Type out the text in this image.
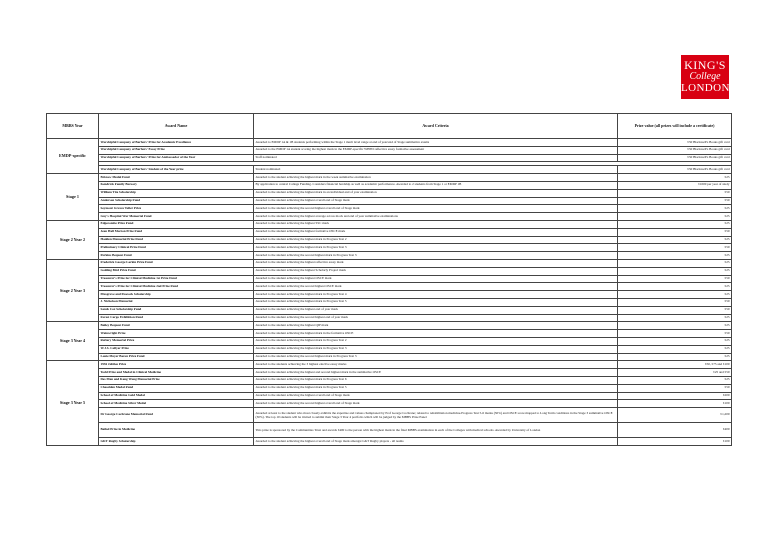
KING'S
College
LONDON
MBBS Year	Award Name	Award Criteria	Prize value (all prizes will include a certificate)
EMDP-specific	Worshipful Company of Barbers' Prize for Academic Excellence	Awarded to EMDP 1A & 1B students performing within the Stage 1 merit level range at end of year/end of Stage summative exams	£50 Blackwell's Books gift card
	Worshipful Company of Barbers' Essay Prize	Awarded to the EMDP 1A student scoring the highest mark in the EMDP-specific WHPD reflective essay formative assessment	£50 Blackwell's Books gift card
	Worshipful Company of Barbers' Prize for Ambassador of the Year	Staff nominated	£50 Blackwell's Books gift card

	Worshipful Company of Barbers' Student of the Year prize	Student nominated	£50 Blackwell's Books gift card
Stage 1	Bristow Medal Fund	Awarded to the student achieving the highest mark in the week summative examination	£25
	Kendrick Family Bursary	By application to central College Funding. Considers financial hardship as well as academic performance. Awarded to 2 students from Stage 1 or EMDP 1B	£1000 per year of study
	William Tite Scholarship	Awarded to the student achieving the highest mark in an individual end of year examination	£50
	Anderson Scholarship Fund	Awarded to the student achieving the highest overall end of Stage mark	£50
	Seymour Graves Toller Prize	Awarded to the student achieving the second highest overall end of Stage mark	£25
	Guy's Hospital War Memorial Fund	Awarded to the student achieving the highest average across mock and end of year summative examinations	£25
Stage 2 Year 2	Edgecombe Prize Fund	Awarded to the student achieving the highest SSC mark	£25
	Jean Hall Morton Prize Fund	Awarded to the student achieving the highest formative OSCE mark	£50
	Hadden Memorial Prize Fund	Awarded to the student achieving the highest mark in Progress Test 2	£25
	Preliminary Clinical Prize Fund	Awarded to the student achieving the highest mark in Progress Test 3	£50
	Perkins Bequest Fund	Awarded to the student achieving the second highest mark in Progress Test 3	£25
Stage 2 Year 3	Frederick George Larkin Prize Fund	Awarded to the student achieving the highest reflective essay mark	£25
	Golding Bird Prize Fund	Awarded to the student achieving the highest Scholarly Project mark	£25
	Treasurer's Prize for Clinical Medicine 1st Prize Fund	Awarded to the student achieving the highest OSCE mark	£50
	Treasurer's Prize for Clinical Medicine 2nd Prize Fund	Awarded to the student achieving the second highest OSCE mark	£25
	Musgrove and Peacock Scholarship	Awarded to the student achieving the highest mark in Progress Test 4	£25
	J. Nicholson Memorial	Awarded to the student achieving the highest mark in Progress Test 5	£50
	Sands Cox Scholarship Fund	Awarded to the student achieving the highest end of year mark	£50
	Forest Cargo Exhibition Fund	Awarded to the student achieving the second highest end of year mark	£25
Stage 3 Year 4	Bailey Bequest Fund	Awarded to the student achieving the highest QIP mark	£25
	Wainwright Prize	Awarded to the student achieving the highest mark in the formative OSCE	£50
	Raftery Memorial Prize	Awarded to the student achieving the highest mark in Progress Test 2	£25
	W.J.S. Collyer Prize	Awarded to the student achieving the highest mark in Progress Test 3	£25
	Louie Meyer Baron Prize Fund	Awarded to the student achieving the second highest mark in Progress Test 3	£25
Stage 3 Year 5	1936 Jubilee Prize	Awarded to the students achieving the 3 highest elective essay marks	£50, £75 and £100
	Todd Prize and Medal in Clinical Medicine	Awarded to the student achieving the highest and second highest mark in the summative OSCE	£25 and £50
	Des Man and Kang Wong Memorial Prize	Awarded to the student achieving the highest mark in Progress Test 6	£25
	Cheselden Medal Fund	Awarded to the student achieving the highest mark in Progress Test 5	£50
	School of Medicine Gold Medal	Awarded to the student achieving the highest overall end of Stage mark	£200
	School of Medicine Silver Medal	Awarded to the student achieving the second highest overall end of Stage mark	£100
	Dr George Cochrane Memorial Fund	Awarded at least to the student who most closely exhibits the expertise and values championed by Prof George Cochrane; related to rehabilitation medicine.Progress Test 5-6 marks (30%) and OSCE score mapped to Long Term conditions in the Stage 3 summative OSCE (30%). The top 10 students will be invited to submit their Stage 3 Year 4 portfolio which will be judged by the MBBS Prize Panel	£1,200
	Bethel Prize in Medicine	This prize is sponsored by the Communities Trust and awards £400 to the person with the highest mark in the final MBBS examination in each of the Colleges with medical schools. Awarded by University of London	£400
	GKT Rugby Scholarship	Awarded to the student achieving the highest overall end of Stage mark amongst GKT Rugby players - all teams	£100
